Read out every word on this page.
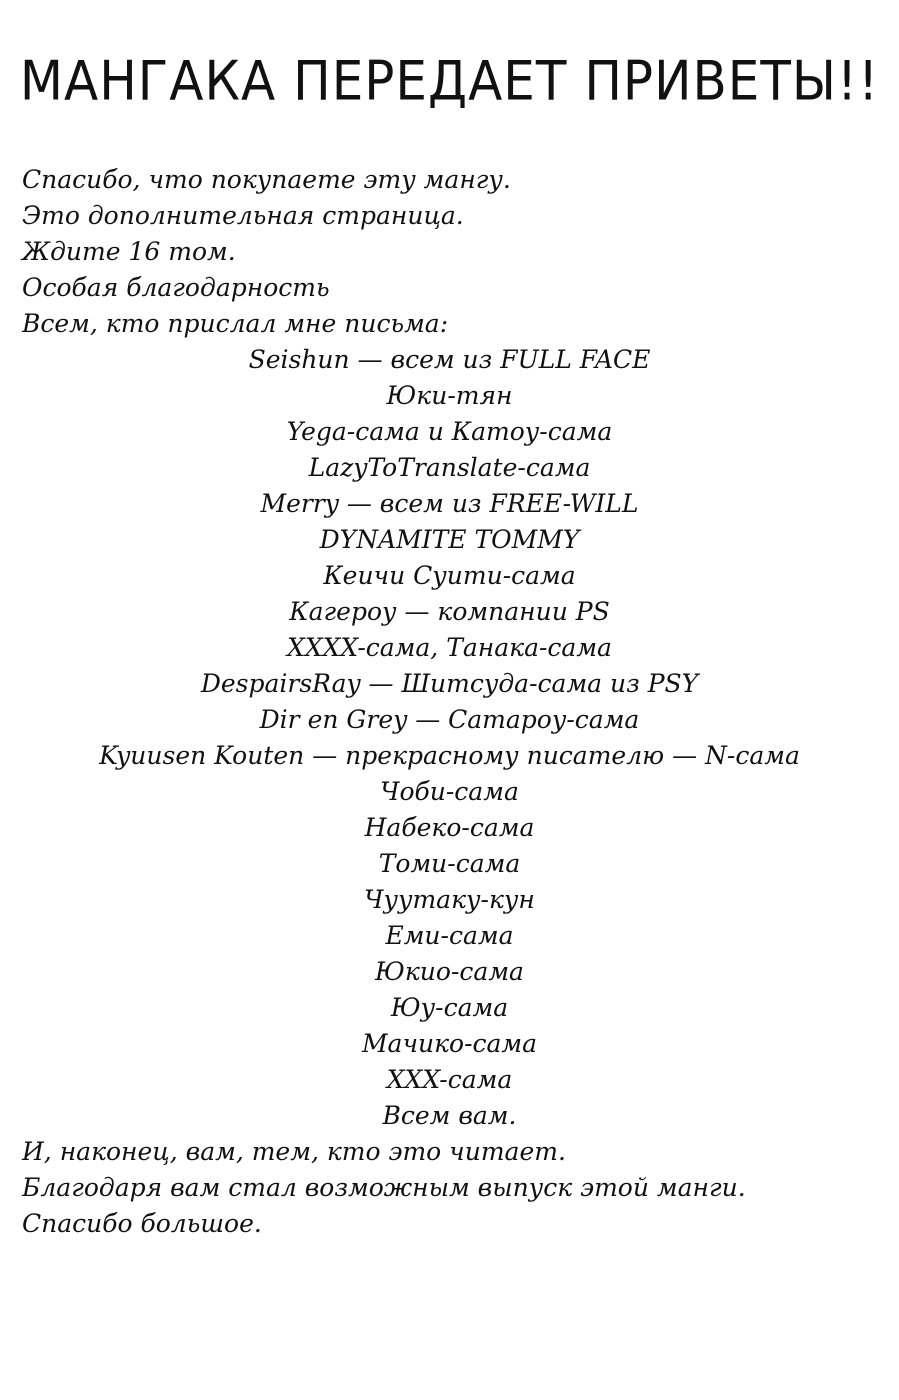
МАНГАКА ПЕРЕДАЕТ ПРИВЕТЫ!!
Спасибо, что покупаете эту мангу.
Это дополнительная страница.
Ждите 16 том.
Особая благодарность
Всем, кто прислал мне письма:
Seishun — всем из FULL FACE
Юки-тян
Yega-сама и Катоу-сама
LazyToTranslate-сама
Merry — всем из FREE-WILL
DYNAMITE TOMMY
Кеичи Суити-сама
Кагероу — компании PS
XXXX-сама, Танака-сама
DespairsRay — Шитсуда-сама из PSY
Dir en Grey — Сатароу-сама
Kyuusen Kouten — прекрасному писателю — N-сама
Чоби-сама
Набеко-сама
Томи-сама
Чуутаку-кун
Еми-сама
Юкио-сама
Юу-сама
Мачико-сама
XXX-сама
Всем вам.
И, наконец, вам, тем, кто это читает.
Благодаря вам стал возможным выпуск этой манги.
Спасибо большое.
